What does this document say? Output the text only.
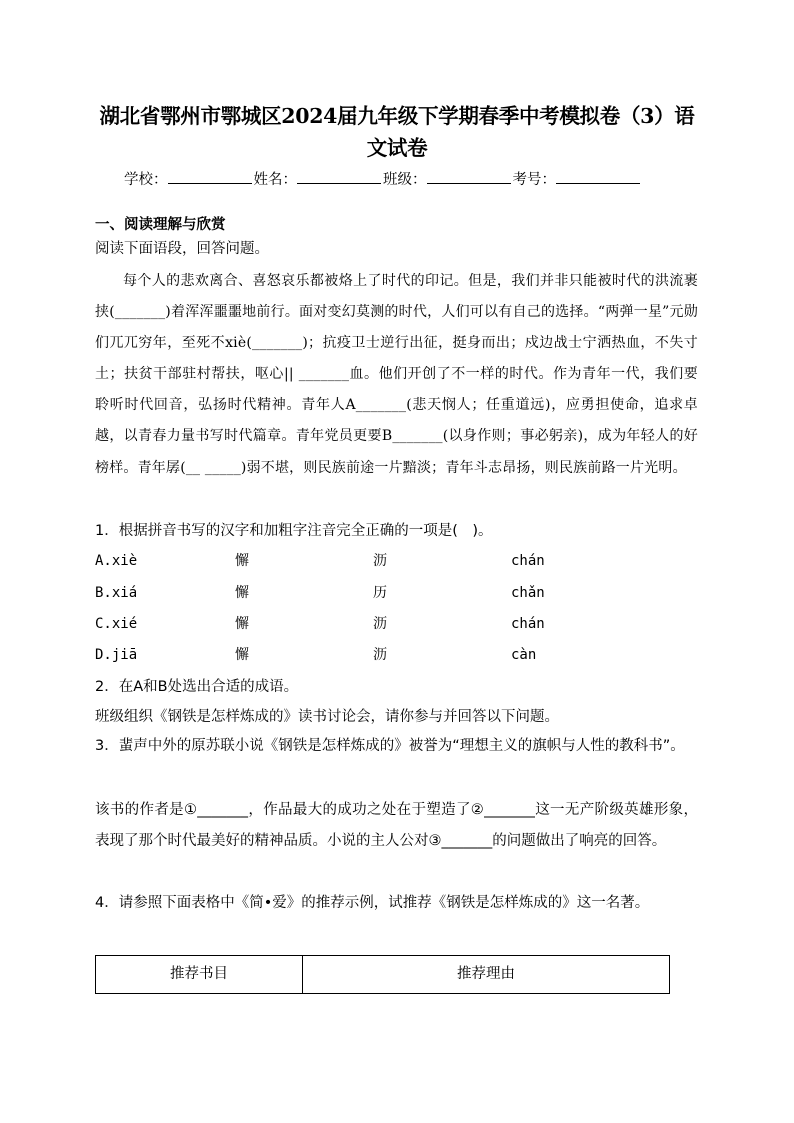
湖北省鄂州市鄂城区2024届九年级下学期春季中考模拟卷（3）语文试卷
学校：	姓名：	班级：	考号：
一、阅读理解与欣赏
阅读下面语段，回答问题。

每个人的悲欢离合、喜怒哀乐都被烙上了时代的印记。但是，我们并非只能被时代的洪流裹挟(_______)着浑浑噩噩地前行。面对变幻莫测的时代，人们可以有自己的选择。“两弹一星”元勋们兀兀穷年，至死不xiè(_______)；抗疫卫士逆行出征，挺身而出；戍边战士宁洒热血，不失寸土；扶贫干部驻村帮扶，呕心|| _______血。他们开创了不一样的时代。作为青年一代，我们要聆听时代回音，弘扬时代精神。青年人A_______(悲天悯人；任重道远)，应勇担使命，追求卓越，以青春力量书写时代篇章。青年党员更要B_______(以身作则；事必躬亲)，成为年轻人的好榜样。青年孱(__ _____)弱不堪，则民族前途一片黯淡；青年斗志昂扬，则民族前路一片光明。

1．根据拼音书写的汉字和加粗字注音完全正确的一项是(　)。
A.xiè	懈	沥	chán
B.xiá	懈	历	chǎn
C.xié	懈	沥	chán
D.jiā	懈	沥	càn
2．在A和B处选出合适的成语。
班级组织《钢铁是怎样炼成的》读书讨论会，请你参与并回答以下问题。
3．蜚声中外的原苏联小说《钢铁是怎样炼成的》被誉为“理想主义的旗帜与人性的教科书”。
该书的作者是①_______，作品最大的成功之处在于塑造了②_______这一无产阶级英雄形象，表现了那个时代最美好的精神品质。小说的主人公对③_______的问题做出了响亮的回答。
4．请参照下面表格中《简•爱》的推荐示例，试推荐《钢铁是怎样炼成的》这一名著。
推荐书目	推荐理由
